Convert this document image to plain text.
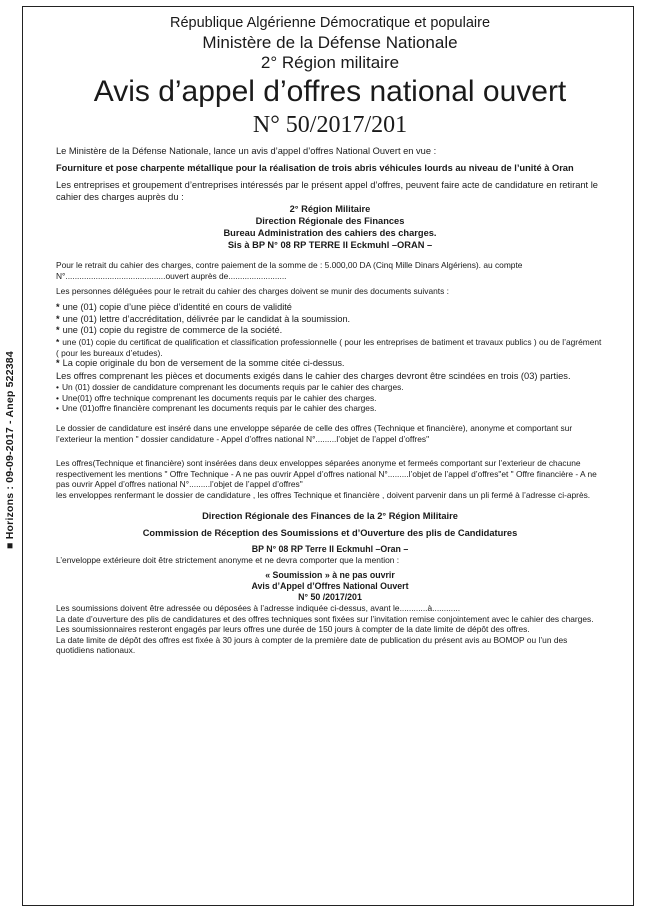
■ Horizons : 09-09-2017 - Anep 522384
République Algérienne Démocratique et populaire
Ministère de la Défense Nationale
2° Région militaire
Avis d’appel d’offres national ouvert
N° 50/2017/201

Le Ministère de la Défense Nationale, lance un avis d’appel d’offres National Ouvert en vue :

Fourniture et pose charpente métallique pour la réalisation de trois abris véhicules lourds au niveau de l’unité à Oran

Les entreprises et groupement d’entreprises intéressés par le présent appel d’offres, peuvent faire acte de candidature en retirant le cahier des charges auprès du :

2° Région Militaire
Direction Régionale des Finances
Bureau Administration des cahiers des charges.
Sis à BP N° 08 RP TERRE II Eckmuhl –ORAN –

Pour le retrait du cahier des charges, contre paiement de la somme de : 5.000,00 DA (Cinq Mille Dinars Algériens). au compte N°...........................................ouvert auprès de.........................

Les personnes déléguées pour le retrait du cahier des charges doivent se munir des documents suivants :

* une (01) copie d’une pièce d’identité en cours de validité
* une (01) lettre d’accréditation, délivrée par le candidat à la soumission.
* une (01) copie du registre de commerce de la société.
* une (01) copie du certificat de qualification et classification professionnelle ( pour les entreprises de batiment et travaux publics ) ou de l’agrément ( pour les bureaux d’etudes).
* La copie originale du bon de versement de la somme citée ci-dessus.

Les offres comprenant les pièces et documents exigés dans le cahier des charges devront être scindées en trois (03) parties.

• Un (01) dossier de candidature comprenant les documents requis par le cahier des charges.
• Une(01) offre technique comprenant les documents requis par le cahier des charges.
• Une (01)offre financière comprenant les documents requis par le cahier des charges.

Le dossier de candidature est inséré dans une enveloppe séparée de celle des offres (Technique et financière), anonyme et comportant sur l’exterieur la mention " dossier candidature - Appel d’offres national N°.........l’objet de l’appel d’offres"

Les offres(Technique et financière) sont insérées dans deux enveloppes séparées anonyme et fermeés comportant sur l’exterieur de chacune respectivement les mentions " Offre Technique - A ne pas ouvrir Appel d’offres national N°.........l’objet de l’appel d’offres"et " Offre financière - A ne pas ouvrir Appel d’offres national N°.........l’objet de l’appel d’offres"

les enveloppes renfermant le dossier de candidature , les offres Technique et financière , doivent parvenir dans un pli fermé à l’adresse ci-après.

Direction Régionale des Finances de la 2° Région Militaire
Commission de Réception des Soumissions et d’Ouverture des plis de Candidatures
BP N° 08 RP Terre II Eckmuhl –Oran –

L’enveloppe extérieure doit être strictement anonyme et ne devra comporter que la mention :

« Soumission » à ne pas ouvrir
Avis d’Appel d’Offres National Ouvert
N° 50 /2017/201

Les soumissions doivent être adressée ou déposées à l’adresse indiquée ci-dessus, avant le............à............

La date d’ouverture des plis de candidatures et des offres techniques sont fixées sur l’invitation remise conjointement avec le cahier des charges.

Les soumissionnaires resteront engagés par leurs offres une durée de 150 jours à compter de la date limite de dépôt des offres.

La date limite de dépôt des offres est fixée à 30 jours à compter de la première date de publication du présent avis au BOMOP ou l’un des quotidiens nationaux.
